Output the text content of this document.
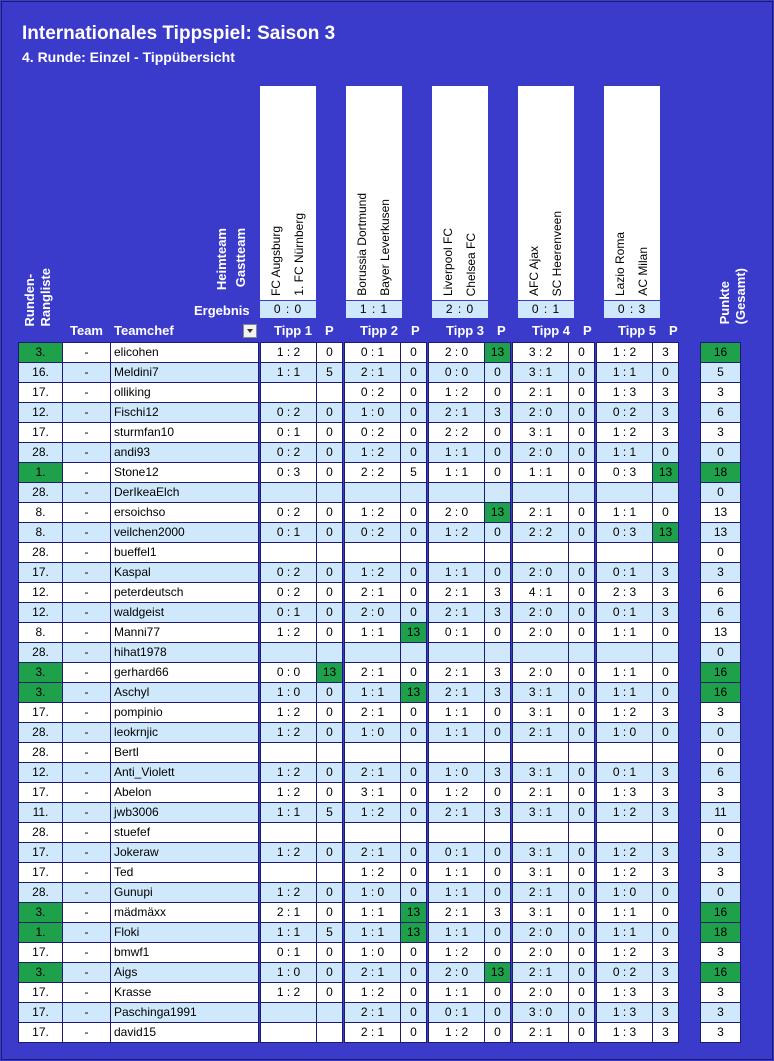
Internationales Tippspiel: Saison 3
4. Runde: Einzel - Tippübersicht
FC Augsburg 1. FC Nürnberg
0 : 0
Tipp 1 P
Borussia Dortmund Bayer Leverkusen
1 : 1
Tipp 2 P
Liverpool FC Chelsea FC
2 : 0
Tipp 3 P
AFC Ajax SC Heerenveen
0 : 1
Tipp 4 P
Lazio Roma AC Milan
0 : 3
Tipp 5 P
Heimteam Gastteam
Ergebnis
Runden-
Rangliste
Team Teamchef
Punkte
(Gesamt)
3.	-	elicohen		1 : 2	0		0 : 1	0		2 : 0	13		3 : 2	0		1 : 2	3		16
16.	-	Meldini7		1 : 1	5		2 : 1	0		0 : 0	0		3 : 1	0		1 : 1	0		5
17.	-	olliking					0 : 2	0		1 : 2	0		2 : 1	0		1 : 3	3		3
12.	-	Fischi12		0 : 2	0		1 : 0	0		2 : 1	3		2 : 0	0		0 : 2	3		6
17.	-	sturmfan10		0 : 1	0		0 : 2	0		2 : 2	0		3 : 1	0		1 : 2	3		3
28.	-	andi93		0 : 2	0		1 : 2	0		1 : 1	0		2 : 0	0		1 : 1	0		0
1.	-	Stone12		0 : 3	0		2 : 2	5		1 : 1	0		1 : 1	0		0 : 3	13		18
28.	-	DerIkeaElch																	0
8.	-	ersoichso		0 : 2	0		1 : 2	0		2 : 0	13		2 : 1	0		1 : 1	0		13
8.	-	veilchen2000		0 : 1	0		0 : 2	0		1 : 2	0		2 : 2	0		0 : 3	13		13
28.	-	bueffel1																	0
17.	-	Kaspal		0 : 2	0		1 : 2	0		1 : 1	0		2 : 0	0		0 : 1	3		3
12.	-	peterdeutsch		0 : 2	0		2 : 1	0		2 : 1	3		4 : 1	0		2 : 3	3		6
12.	-	waldgeist		0 : 1	0		2 : 0	0		2 : 1	3		2 : 0	0		0 : 1	3		6
8.	-	Manni77		1 : 2	0		1 : 1	13		0 : 1	0		2 : 0	0		1 : 1	0		13
28.	-	hihat1978																	0
3.	-	gerhard66		0 : 0	13		2 : 1	0		2 : 1	3		2 : 0	0		1 : 1	0		16
3.	-	Aschyl		1 : 0	0		1 : 1	13		2 : 1	3		3 : 1	0		1 : 1	0		16
17.	-	pompinio		1 : 2	0		2 : 1	0		1 : 1	0		3 : 1	0		1 : 2	3		3
28.	-	leokrnjic		1 : 2	0		1 : 0	0		1 : 1	0		2 : 1	0		1 : 0	0		0
28.	-	Bertl																	0
12.	-	Anti_Violett		1 : 2	0		2 : 1	0		1 : 0	3		3 : 1	0		0 : 1	3		6
17.	-	Abelon		1 : 2	0		3 : 1	0		1 : 2	0		2 : 1	0		1 : 3	3		3
11.	-	jwb3006		1 : 1	5		1 : 2	0		2 : 1	3		3 : 1	0		1 : 2	3		11
28.	-	stuefef																	0
17.	-	Jokeraw		1 : 2	0		2 : 1	0		0 : 1	0		3 : 1	0		1 : 2	3		3
17.	-	Ted					1 : 2	0		1 : 1	0		3 : 1	0		1 : 2	3		3
28.	-	Gunupi		1 : 2	0		1 : 0	0		1 : 1	0		2 : 1	0		1 : 0	0		0
3.	-	mädmäxx		2 : 1	0		1 : 1	13		2 : 1	3		3 : 1	0		1 : 1	0		16
1.	-	Floki		1 : 1	5		1 : 1	13		1 : 1	0		2 : 0	0		1 : 1	0		18
17.	-	bmwf1		0 : 1	0		1 : 0	0		1 : 2	0		2 : 0	0		1 : 2	3		3
3.	-	Aigs		1 : 0	0		2 : 1	0		2 : 0	13		2 : 1	0		0 : 2	3		16
17.	-	Krasse		1 : 2	0		1 : 2	0		1 : 1	0		2 : 0	0		1 : 3	3		3
17.	-	Paschinga1991					2 : 1	0		0 : 1	0		3 : 0	0		1 : 3	3		3
17.	-	david15					2 : 1	0		1 : 2	0		2 : 1	0		1 : 3	3		3
